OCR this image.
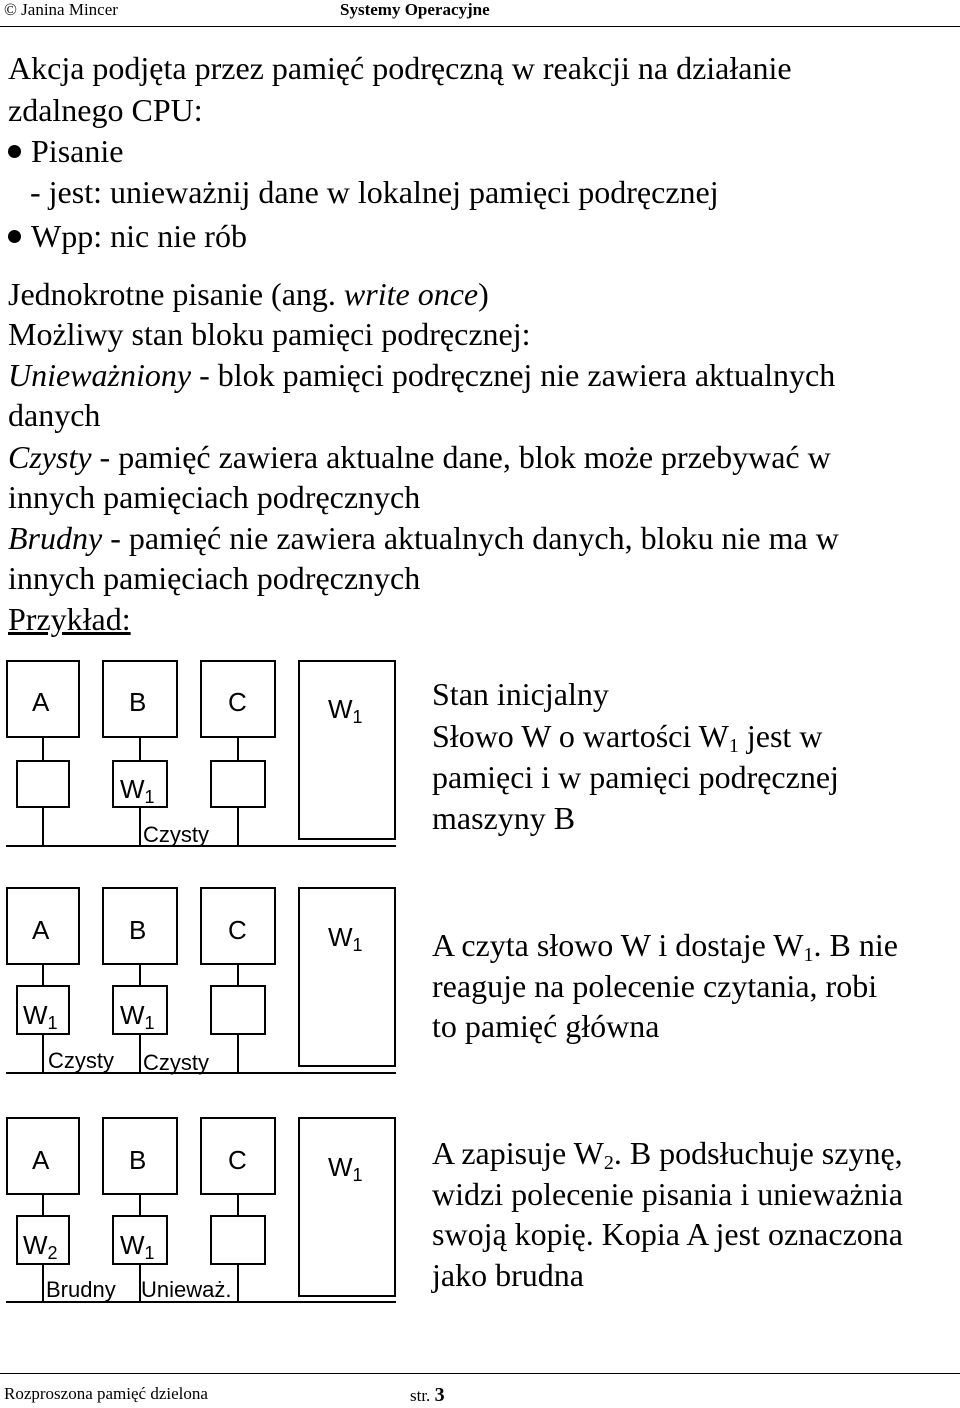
© Janina Mincer	Systemy Operacyjne
Akcja podjęta przez pamięć podręczną w reakcji na działanie
zdalnego CPU:
Pisanie
- jest: unieważnij dane w lokalnej pamięci podręcznej
Wpp: nic nie rób
Jednokrotne pisanie (ang. write once)
Możliwy stan bloku pamięci podręcznej:
Unieważniony - blok pamięci podręcznej nie zawiera aktualnych
danych
Czysty - pamięć zawiera aktualne dane, blok może przebywać w
innych pamięciach podręcznych
Brudny - pamięć nie zawiera aktualnych danych, bloku nie ma w
innych pamięciach podręcznych
Przykład:
A	B	C	$W_1$
$W_1$
Czysty
Stan inicjalny
Słowo W o wartości $W_1$ jest w
pamięci i w pamięci podręcznej
maszyny B
A	B	C	$W_1$
$W_1$ $W_1$
Czysty Czysty
A czyta słowo W i dostaje $W_1$. B nie
reaguje na polecenie czytania, robi
to pamięć główna
A	B	C	$W_1$
$W_2$ $W_1$
Brudny Unieważ.
A zapisuje $W_2$. B podsłuchuje szynę,
widzi polecenie pisania i unieważnia
swoją kopię. Kopia A jest oznaczona
jako brudna
Rozproszona pamięć dzielona	str. 3
